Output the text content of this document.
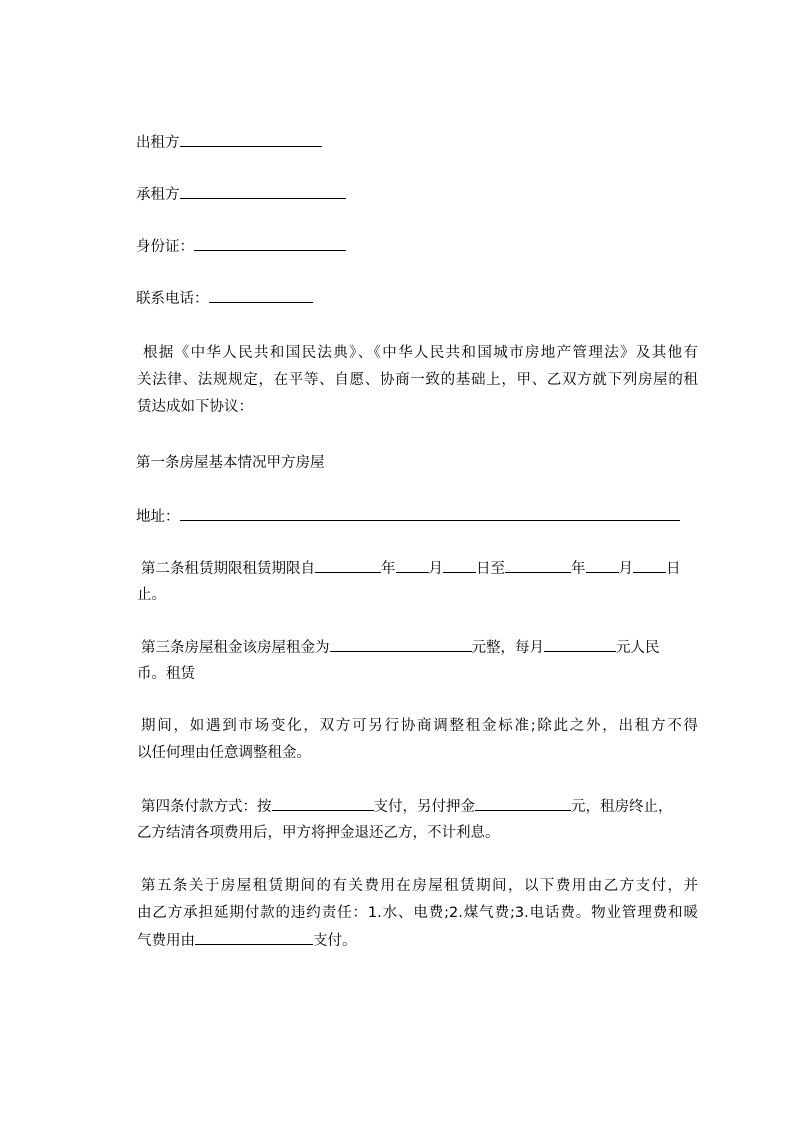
出租方
承租方
身份证：
联系电话：
根据《中华人民共和国民法典》、《中华人民共和国城市房地产管理法》及其他有
关法律、法规规定，在平等、自愿、协商一致的基础上，甲、乙双方就下列房屋的租
赁达成如下协议：
第一条房屋基本情况甲方房屋
地址：
第二条租赁期限租赁期限自	年 月 日至	年 月 日
止。
第三条房屋租金该房屋租金为	元整，每月	元人民
币。租赁
期间，如遇到市场变化，双方可另行协商调整租金标准;除此之外，出租方不得
以任何理由任意调整租金。
第四条付款方式：按	支付，另付押金	元，租房终止，
乙方结清各项费用后，甲方将押金退还乙方，不计利息。
第五条关于房屋租赁期间的有关费用在房屋租赁期间，以下费用由乙方支付，并
由乙方承担延期付款的违约责任：1.水、电费;2.煤气费;3.电话费。物业管理费和暖
气费用由	支付。
